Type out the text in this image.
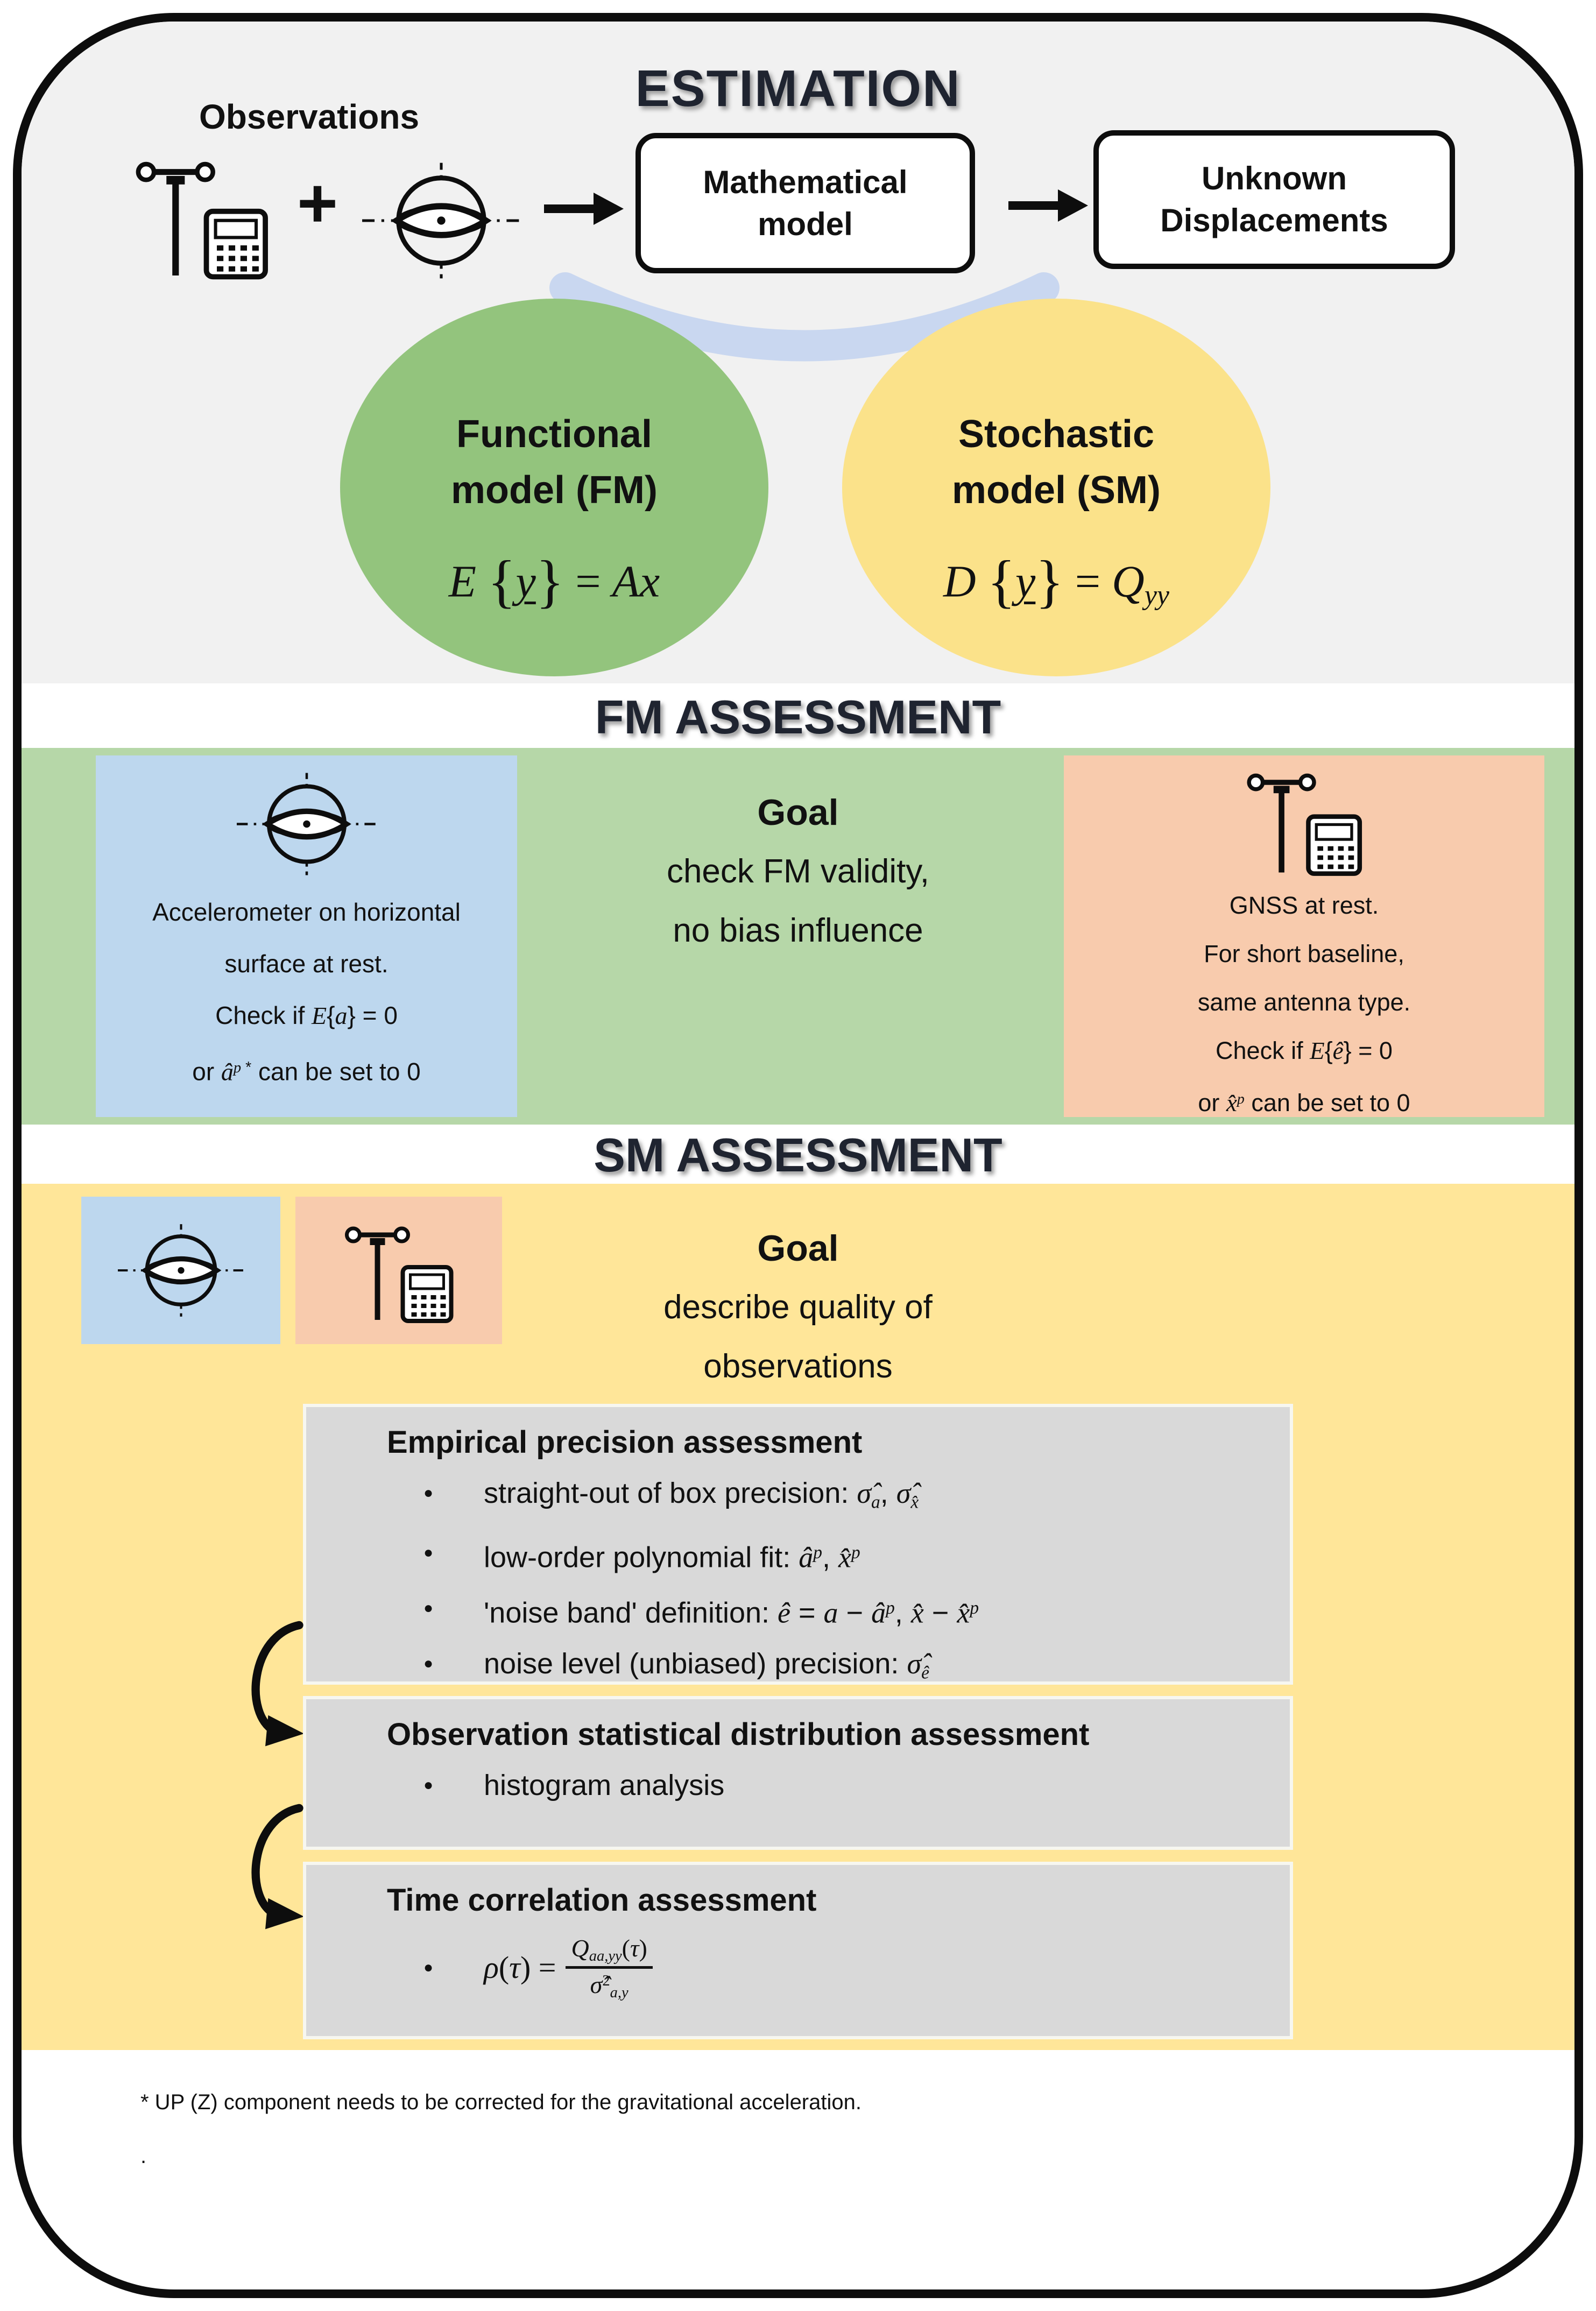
ESTIMATION
Observations
+	Mathematical
model
Unknown
Displacements
Functional
model (FM)
E {y} = Ax
Stochastic
model (SM)
D $\{y\} = Q_{yy}$
FM ASSESSMENT
Accelerometer on horizontal
surface at rest.
Check if E{a} = 0
or $â^p$ * can be set to 0
Goal
check FM validity,
no bias influence
GNSS at rest.
For short baseline,
same antenna type.
Check if E{ê} = 0
or x̂$^p$ can be set to 0
SM ASSESSMENT
Goal
describe quality of
observations
Empirical precision assessment
● straight-out of box precision: $\sigmâ_a$, $\sigmâ_{x̂}$
● low-order polynomial fit: $â^p$, x̂$^p$
● 'noise band' definition: ê = $a - â^p$, x̂ − x̂$^p$
● noise level (unbiased) precision: $\sigmâ_ê$
Observation statistical distribution assessment
● histogram analysis
Time correlation assessment
● ρ(τ) =
$Q_{aa,yy}(\tau)$
σ̂$^2_{a,y}$
* UP (Z) component needs to be corrected for the gravitational acceleration.
.
